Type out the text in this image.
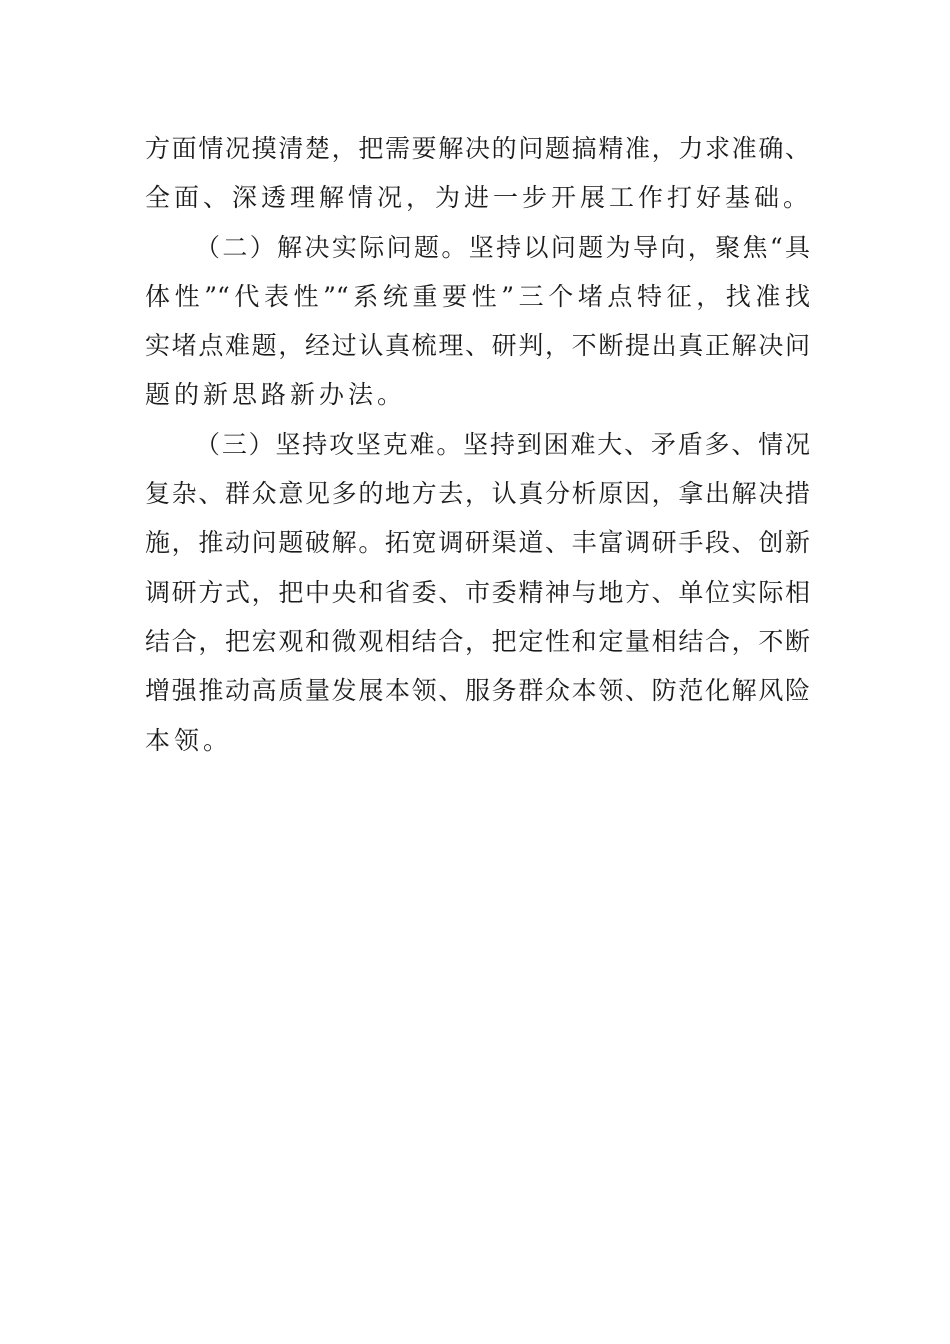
方面情况摸清楚，把需要解决的问题搞精准，力求准确、
全面、深透理解情况，为进一步开展工作打好基础。
（二）解决实际问题。坚持以问题为导向，聚焦“具
体性”“代表性”“系统重要性”三个堵点特征，找准找
实堵点难题，经过认真梳理、研判，不断提出真正解决问
题的新思路新办法。
（三）坚持攻坚克难。坚持到困难大、矛盾多、情况
复杂、群众意见多的地方去，认真分析原因，拿出解决措
施，推动问题破解。拓宽调研渠道、丰富调研手段、创新
调研方式，把中央和省委、市委精神与地方、单位实际相
结合，把宏观和微观相结合，把定性和定量相结合，不断
增强推动高质量发展本领、服务群众本领、防范化解风险
本领。
